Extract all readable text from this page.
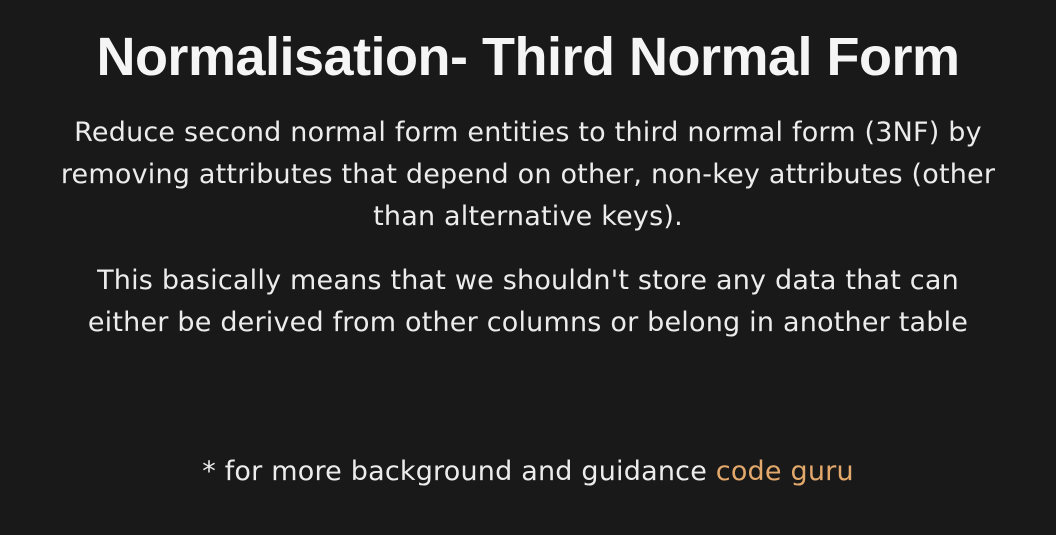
Normalisation- Third Normal Form

Reduce second normal form entities to third normal form (3NF) by
removing attributes that depend on other, non-key attributes (other
than alternative keys).

This basically means that we shouldn't store any data that can
either be derived from other columns or belong in another table

* for more background and guidance code guru
